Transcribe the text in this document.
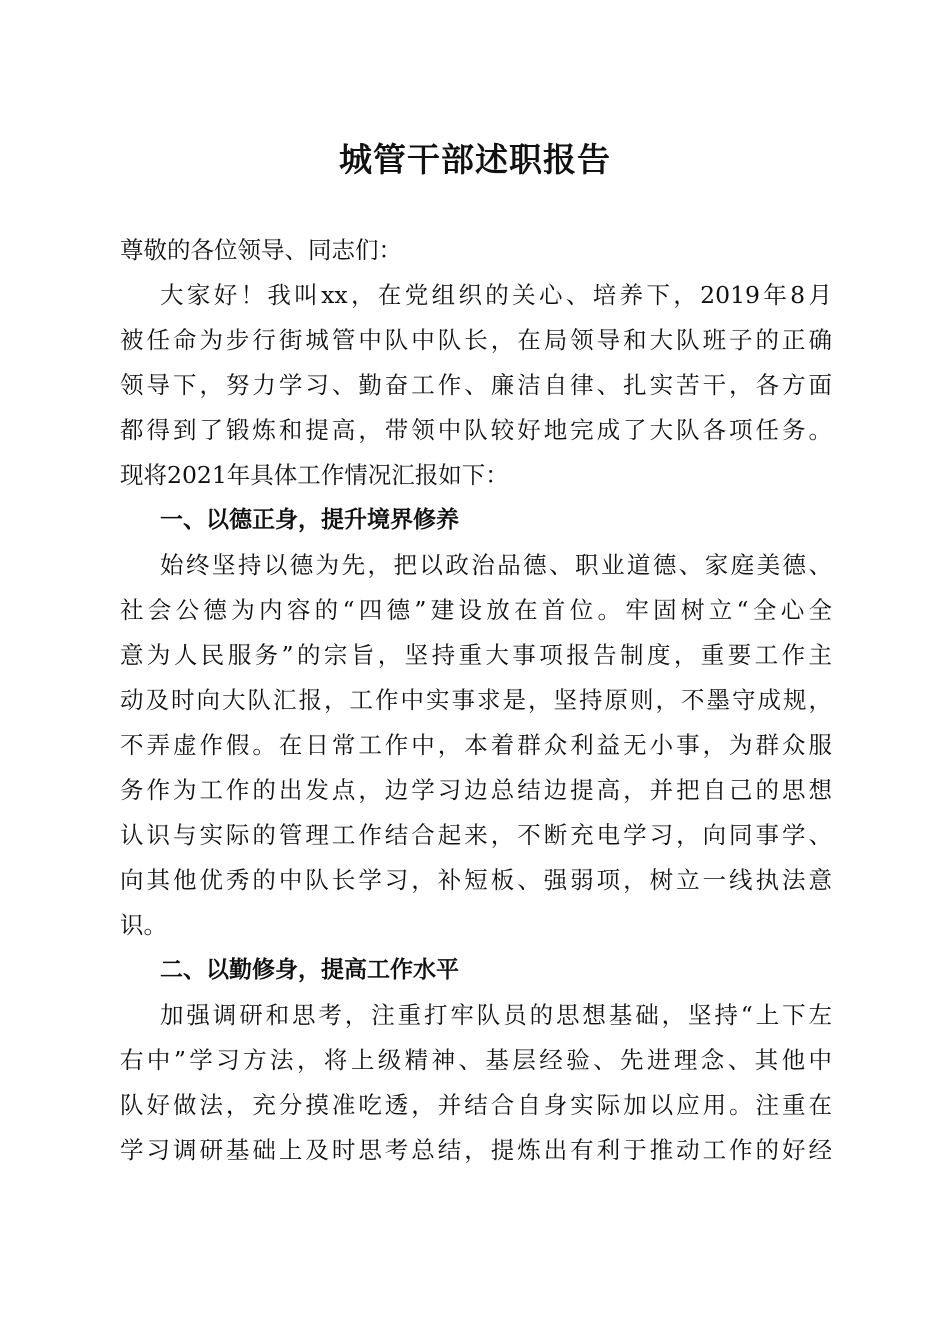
城管干部述职报告
尊敬的各位领导、同志们：
大家好！我叫xx，在党组织的关心、培养下，2019年8月
被任命为步行街城管中队中队长，在局领导和大队班子的正确
领导下，努力学习、勤奋工作、廉洁自律、扎实苦干，各方面
都得到了锻炼和提高，带领中队较好地完成了大队各项任务。
现将2021年具体工作情况汇报如下：
一、以德正身，提升境界修养
始终坚持以德为先，把以政治品德、职业道德、家庭美德、
社会公德为内容的“四德”建设放在首位。牢固树立“全心全
意为人民服务”的宗旨，坚持重大事项报告制度，重要工作主
动及时向大队汇报，工作中实事求是，坚持原则，不墨守成规，
不弄虚作假。在日常工作中，本着群众利益无小事，为群众服
务作为工作的出发点，边学习边总结边提高，并把自己的思想
认识与实际的管理工作结合起来，不断充电学习，向同事学、
向其他优秀的中队长学习，补短板、强弱项，树立一线执法意
识。
二、以勤修身，提高工作水平
加强调研和思考，注重打牢队员的思想基础，坚持“上下左
右中”学习方法，将上级精神、基层经验、先进理念、其他中
队好做法，充分摸准吃透，并结合自身实际加以应用。注重在
学习调研基础上及时思考总结，提炼出有利于推动工作的好经
